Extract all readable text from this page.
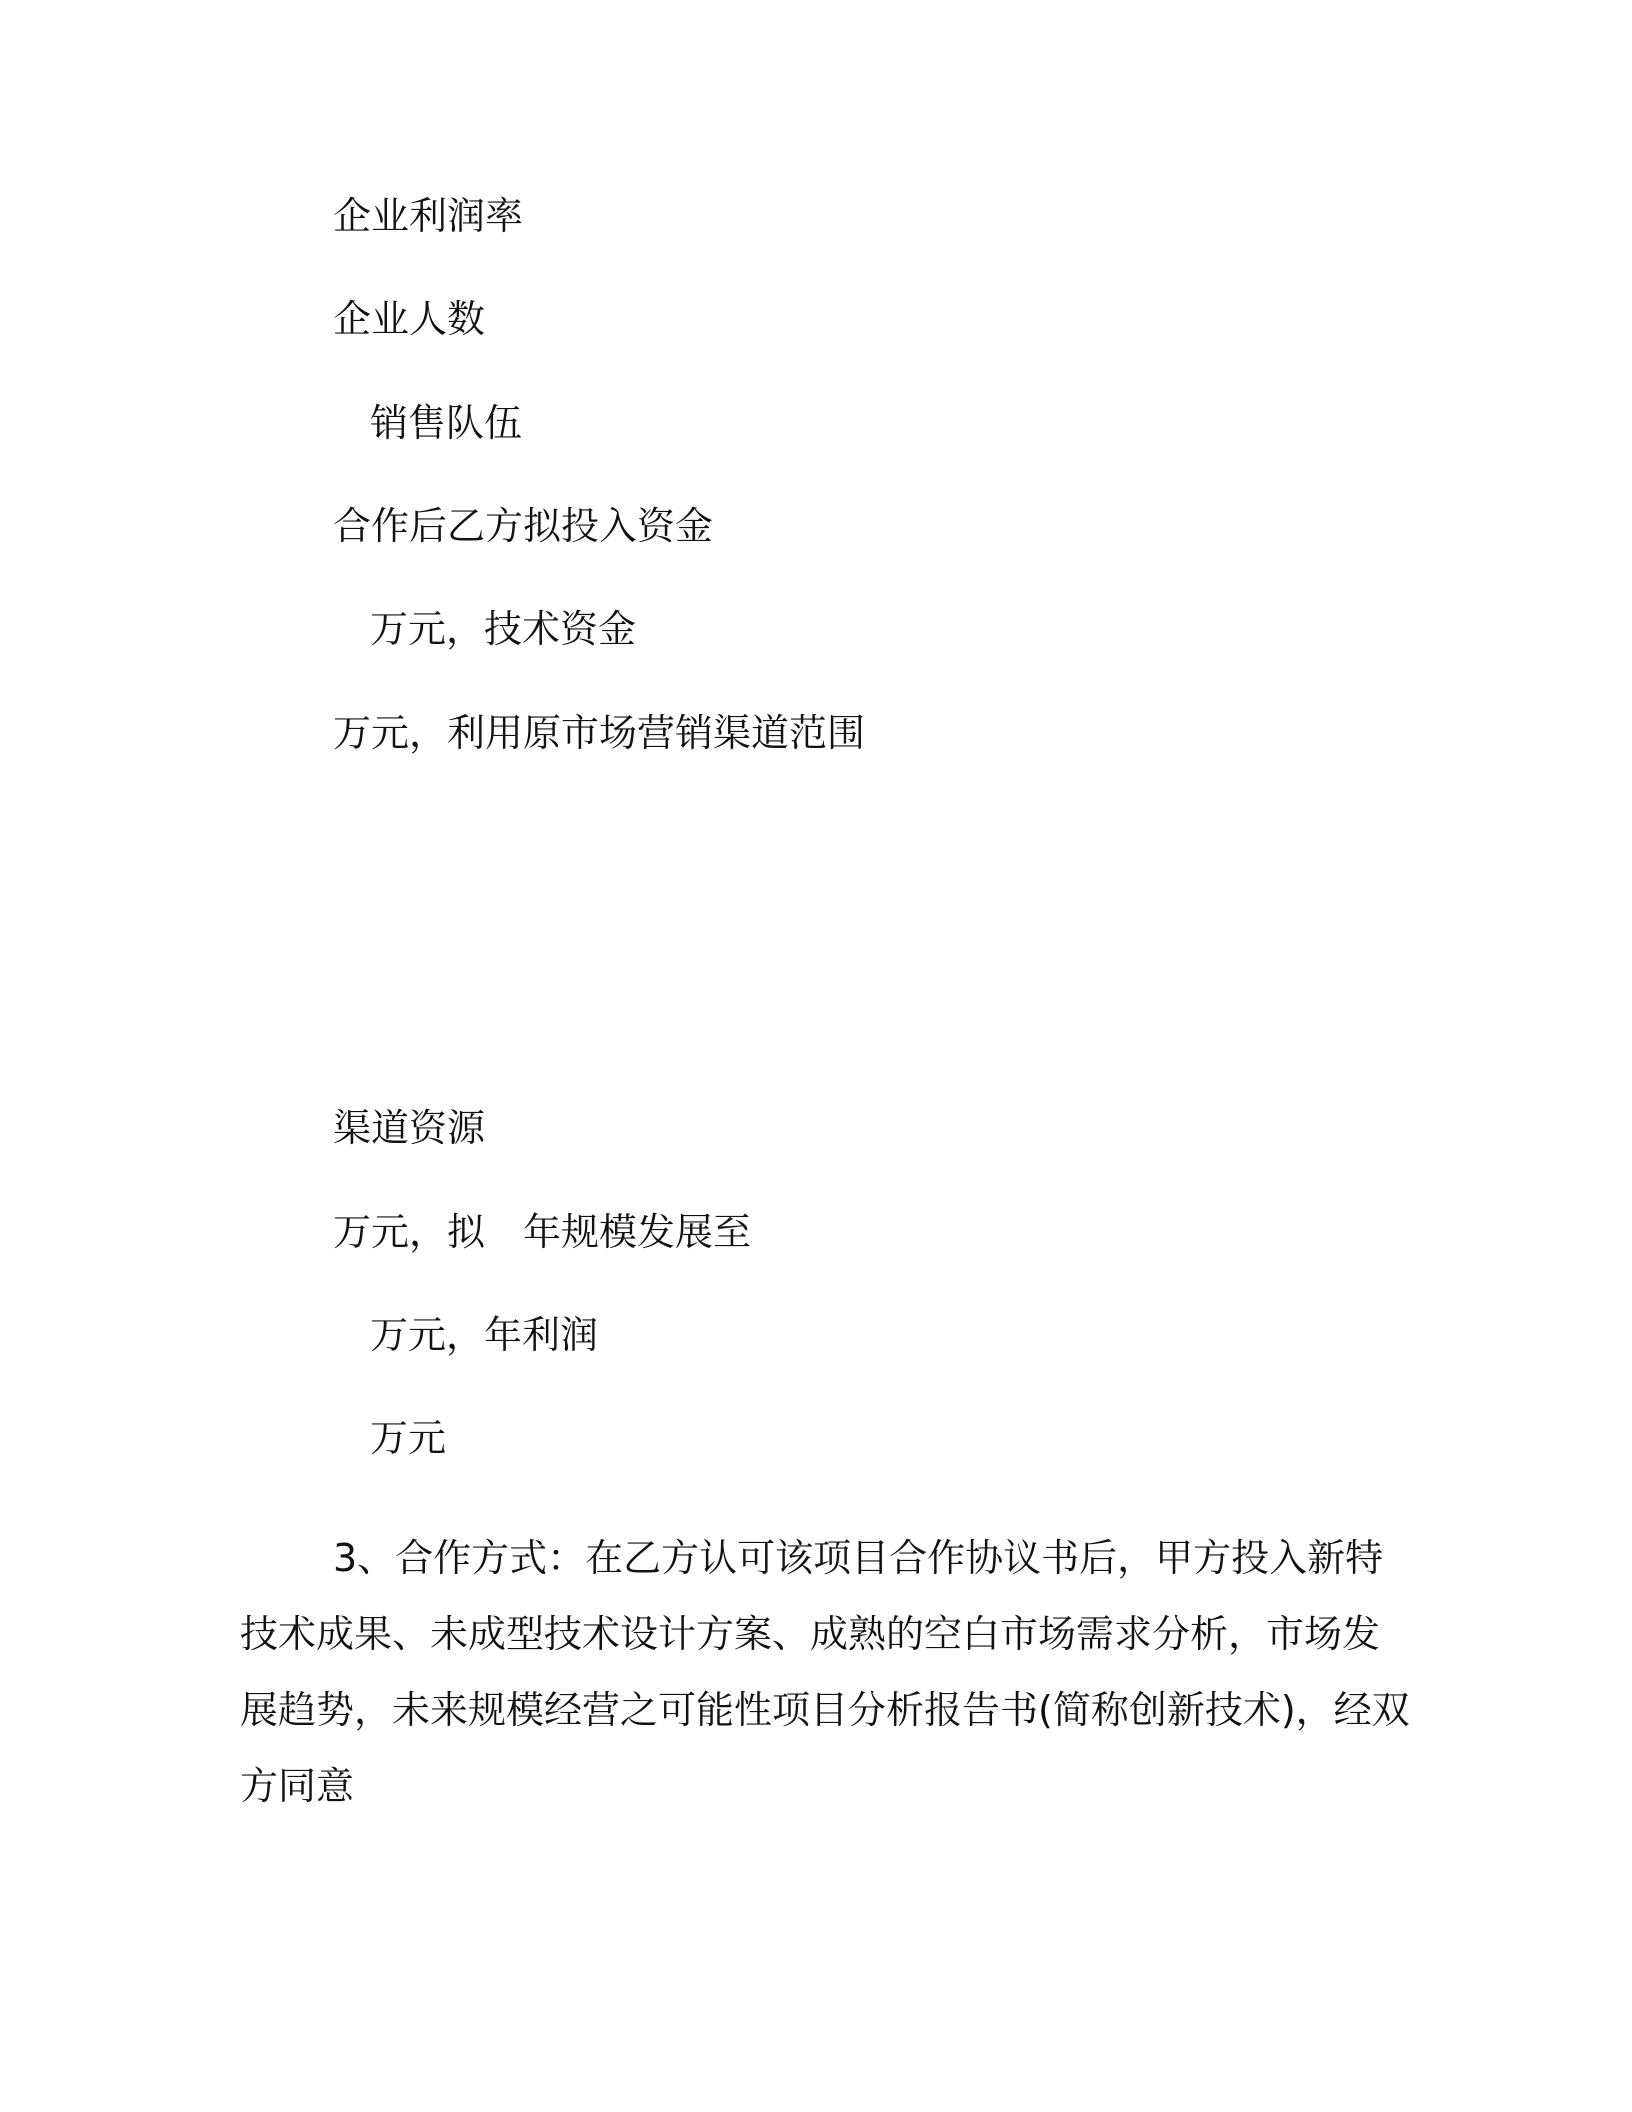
企业利润率
企业人数
销售队伍
合作后乙方拟投入资金
万元，技术资金
万元，利用原市场营销渠道范围
渠道资源
万元，拟　年规模发展至
万元，年利润
万元
3、合作方式：在乙方认可该项目合作协议书后，甲方投入新特
技术成果、未成型技术设计方案、成熟的空白市场需求分析，市场发
展趋势，未来规模经营之可能性项目分析报告书(简称创新技术)，经双
方同意
